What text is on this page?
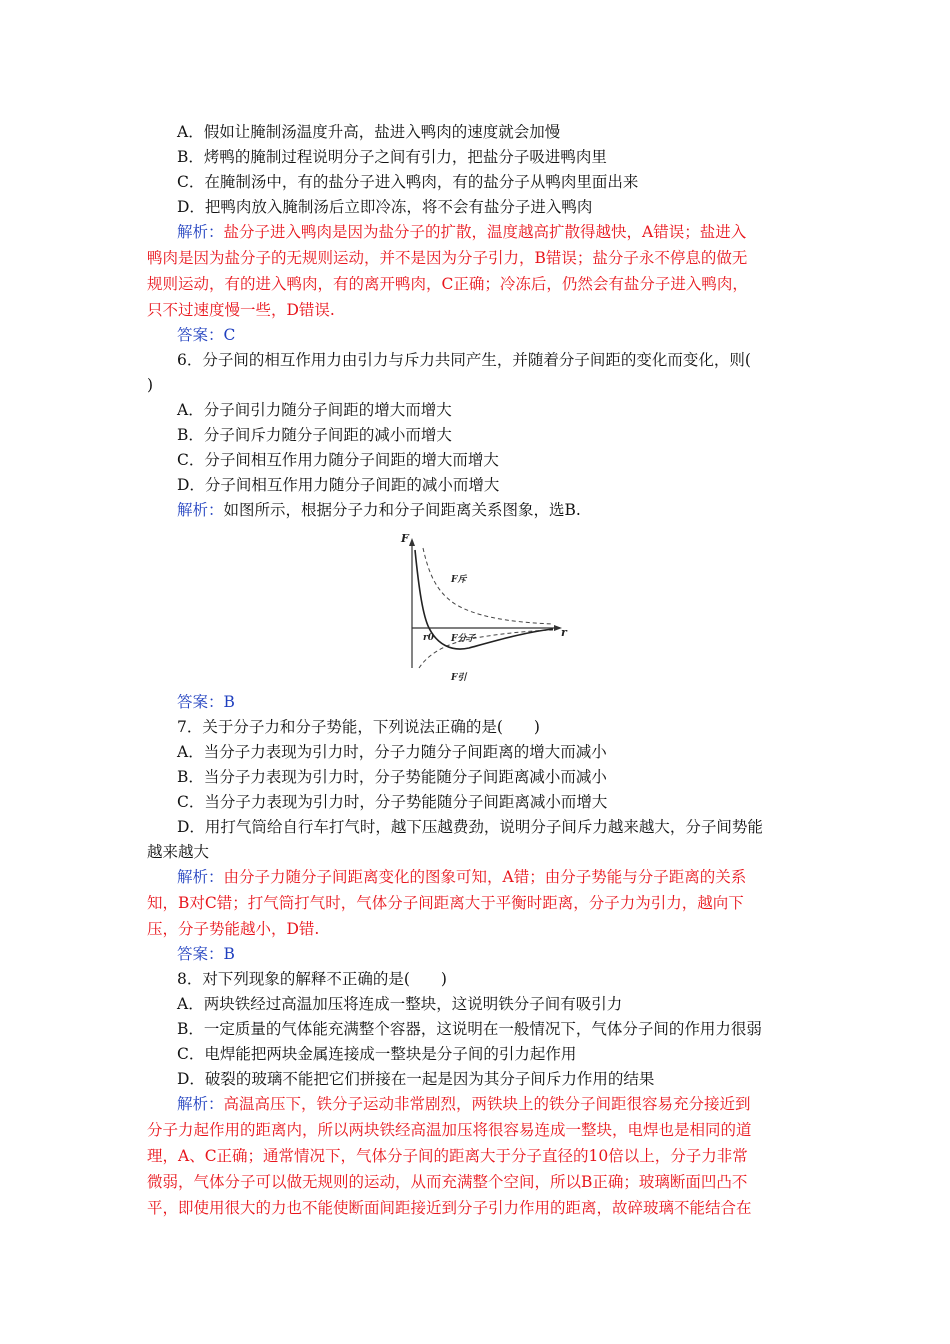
A．假如让腌制汤温度升高，盐进入鸭肉的速度就会加慢
B．烤鸭的腌制过程说明分子之间有引力，把盐分子吸进鸭肉里
C．在腌制汤中，有的盐分子进入鸭肉，有的盐分子从鸭肉里面出来
D．把鸭肉放入腌制汤后立即冷冻，将不会有盐分子进入鸭肉
解析：盐分子进入鸭肉是因为盐分子的扩散，温度越高扩散得越快，A错误；盐进入
鸭肉是因为盐分子的无规则运动，并不是因为分子引力，B错误；盐分子永不停息的做无
规则运动，有的进入鸭肉，有的离开鸭肉，C正确；冷冻后，仍然会有盐分子进入鸭肉，
只不过速度慢一些，D错误.
答案：C
6．分子间的相互作用力由引力与斥力共同产生，并随着分子间距的变化而变化，则(
)
A．分子间引力随分子间距的增大而增大
B．分子间斥力随分子间距的减小而增大
C．分子间相互作用力随分子间距的增大而增大
D．分子间相互作用力随分子间距的减小而增大
解析：如图所示，根据分子力和分子间距离关系图象，选B.
F
r
F斥
r0 F分子
F引
答案：B
7．关于分子力和分子势能，下列说法正确的是(　　)
A．当分子力表现为引力时，分子力随分子间距离的增大而减小
B．当分子力表现为引力时，分子势能随分子间距离减小而减小
C．当分子力表现为引力时，分子势能随分子间距离减小而增大
D．用打气筒给自行车打气时，越下压越费劲，说明分子间斥力越来越大，分子间势能
越来越大
解析：由分子力随分子间距离变化的图象可知，A错；由分子势能与分子距离的关系
知，B对C错；打气筒打气时，气体分子间距离大于平衡时距离，分子力为引力，越向下
压，分子势能越小，D错.
答案：B
8．对下列现象的解释不正确的是(　　)
A．两块铁经过高温加压将连成一整块，这说明铁分子间有吸引力
B．一定质量的气体能充满整个容器，这说明在一般情况下，气体分子间的作用力很弱
C．电焊能把两块金属连接成一整块是分子间的引力起作用
D．破裂的玻璃不能把它们拼接在一起是因为其分子间斥力作用的结果
解析：高温高压下，铁分子运动非常剧烈，两铁块上的铁分子间距很容易充分接近到
分子力起作用的距离内，所以两块铁经高温加压将很容易连成一整块，电焊也是相同的道
理，A、C正确；通常情况下，气体分子间的距离大于分子直径的10倍以上，分子力非常
微弱，气体分子可以做无规则的运动，从而充满整个空间，所以B正确；玻璃断面凹凸不
平，即使用很大的力也不能使断面间距接近到分子引力作用的距离，故碎玻璃不能结合在
